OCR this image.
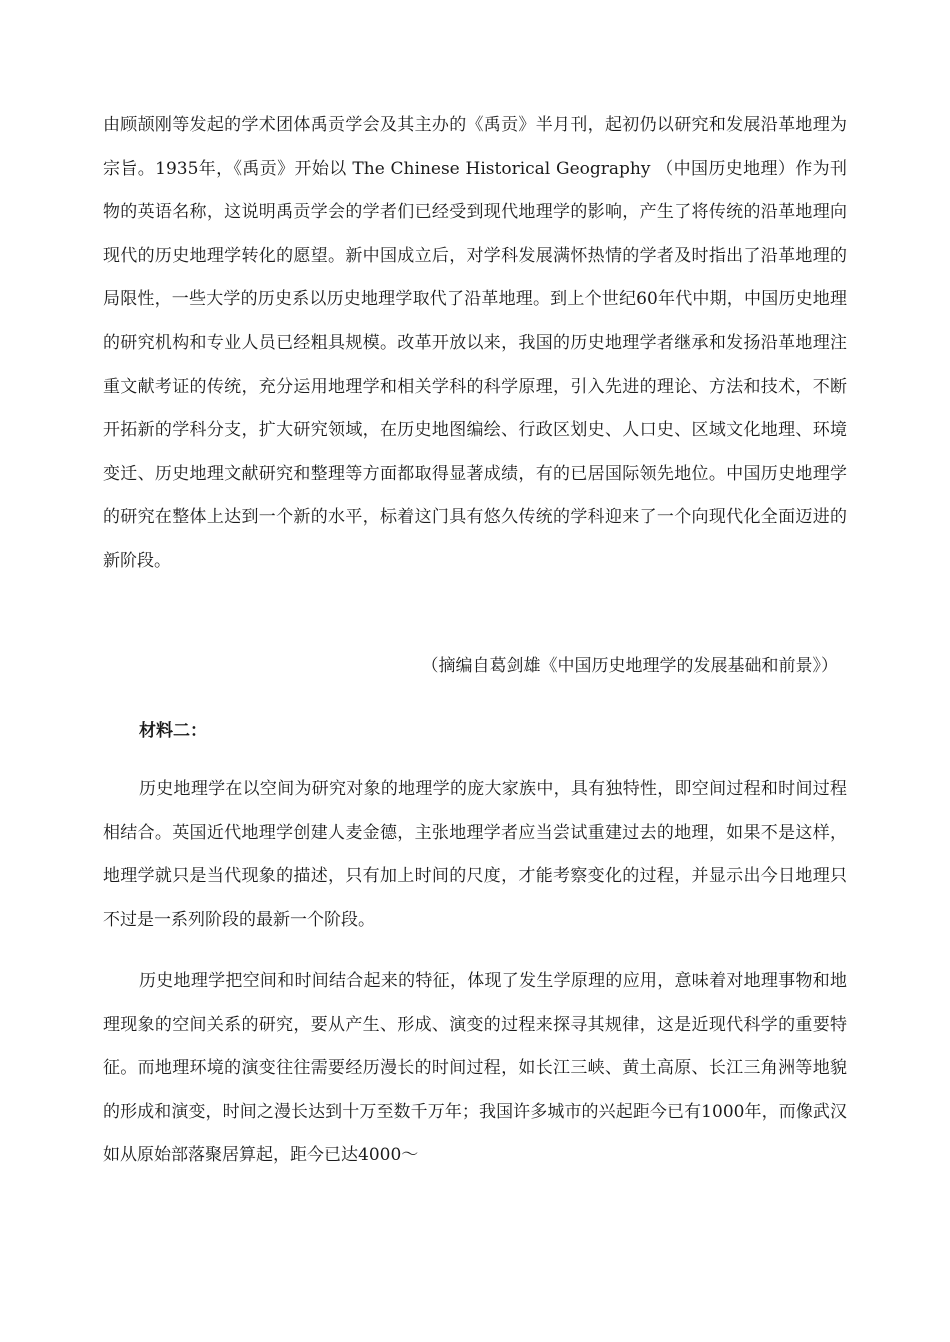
由顾颉刚等发起的学术团体禹贡学会及其主办的《禹贡》半月刊，起初仍以研究和发展沿革地理为宗旨。1935年，《禹贡》开始以 The Chinese Historical Geography （中国历史地理）作为刊物的英语名称，这说明禹贡学会的学者们已经受到现代地理学的影响，产生了将传统的沿革地理向现代的历史地理学转化的愿望。新中国成立后，对学科发展满怀热情的学者及时指出了沿革地理的局限性，一些大学的历史系以历史地理学取代了沿革地理。到上个世纪60年代中期，中国历史地理的研究机构和专业人员已经粗具规模。改革开放以来，我国的历史地理学者继承和发扬沿革地理注重文献考证的传统，充分运用地理学和相关学科的科学原理，引入先进的理论、方法和技术，不断开拓新的学科分支，扩大研究领域，在历史地图编绘、行政区划史、人口史、区域文化地理、环境变迁、历史地理文献研究和整理等方面都取得显著成绩，有的已居国际领先地位。中国历史地理学的研究在整体上达到一个新的水平，标着这门具有悠久传统的学科迎来了一个向现代化全面迈进的新阶段。

（摘编自葛剑雄《中国历史地理学的发展基础和前景》）

材料二：

历史地理学在以空间为研究对象的地理学的庞大家族中，具有独特性，即空间过程和时间过程相结合。英国近代地理学创建人麦金德，主张地理学者应当尝试重建过去的地理，如果不是这样，地理学就只是当代现象的描述，只有加上时间的尺度，才能考察变化的过程，并显示出今日地理只不过是一系列阶段的最新一个阶段。

历史地理学把空间和时间结合起来的特征，体现了发生学原理的应用，意味着对地理事物和地理现象的空间关系的研究，要从产生、形成、演变的过程来探寻其规律，这是近现代科学的重要特征。而地理环境的演变往往需要经历漫长的时间过程，如长江三峡、黄土高原、长江三角洲等地貌的形成和演变，时间之漫长达到十万至数千万年；我国许多城市的兴起距今已有1000年，而像武汉如从原始部落聚居算起，距今已达4000～
